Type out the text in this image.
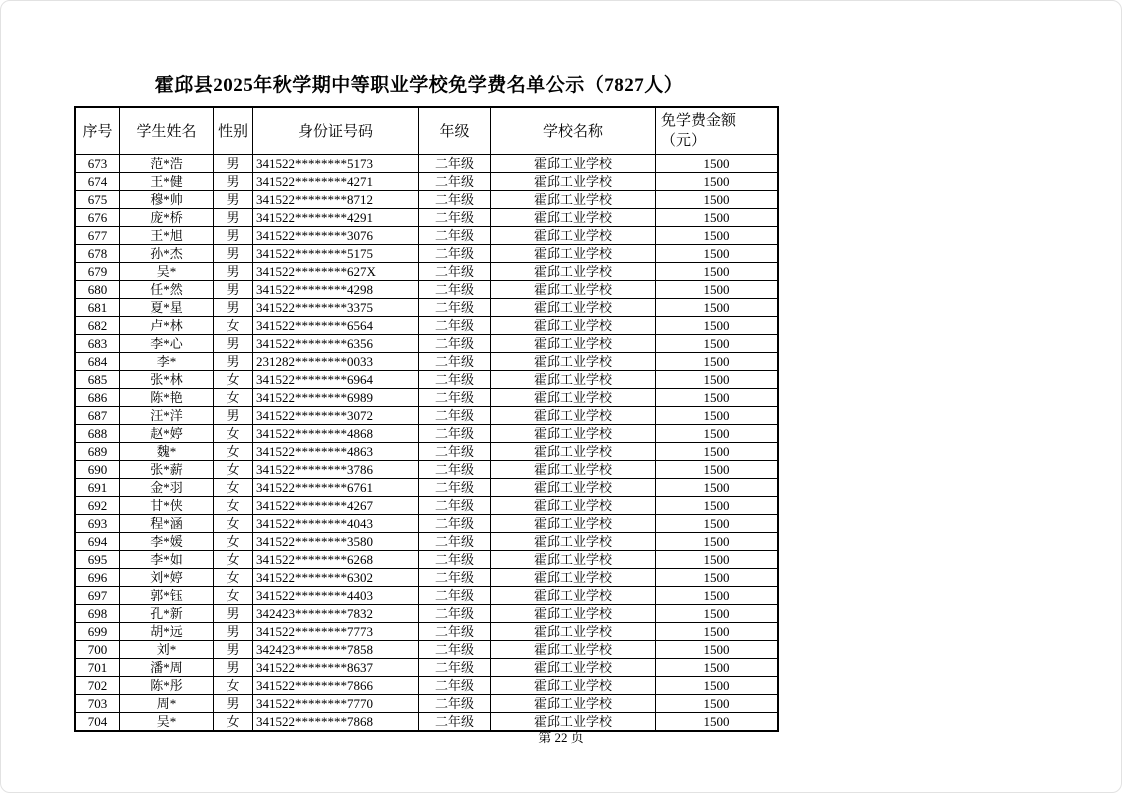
霍邱县2025年秋学期中等职业学校免学费名单公示（7827人）
序号	学生姓名	性别	身份证号码	年级	学校名称	免学费金额
（元）
673	范*浩	男	341522********5173	二年级	霍邱工业学校	1500
674	王*健	男	341522********4271	二年级	霍邱工业学校	1500
675	穆*帅	男	341522********8712	二年级	霍邱工业学校	1500
676	庞*桥	男	341522********4291	二年级	霍邱工业学校	1500
677	王*旭	男	341522********3076	二年级	霍邱工业学校	1500
678	孙*杰	男	341522********5175	二年级	霍邱工业学校	1500
679	吴*	男	341522********627X	二年级	霍邱工业学校	1500
680	任*然	男	341522********4298	二年级	霍邱工业学校	1500
681	夏*星	男	341522********3375	二年级	霍邱工业学校	1500
682	卢*林	女	341522********6564	二年级	霍邱工业学校	1500
683	李*心	男	341522********6356	二年级	霍邱工业学校	1500
684	李*	男	231282********0033	二年级	霍邱工业学校	1500
685	张*林	女	341522********6964	二年级	霍邱工业学校	1500
686	陈*艳	女	341522********6989	二年级	霍邱工业学校	1500
687	汪*洋	男	341522********3072	二年级	霍邱工业学校	1500
688	赵*婷	女	341522********4868	二年级	霍邱工业学校	1500
689	魏*	女	341522********4863	二年级	霍邱工业学校	1500
690	张*薪	女	341522********3786	二年级	霍邱工业学校	1500
691	金*羽	女	341522********6761	二年级	霍邱工业学校	1500
692	甘*侠	女	341522********4267	二年级	霍邱工业学校	1500
693	程*涵	女	341522********4043	二年级	霍邱工业学校	1500
694	李*媛	女	341522********3580	二年级	霍邱工业学校	1500
695	李*如	女	341522********6268	二年级	霍邱工业学校	1500
696	刘*婷	女	341522********6302	二年级	霍邱工业学校	1500
697	郭*钰	女	341522********4403	二年级	霍邱工业学校	1500
698	孔*新	男	342423********7832	二年级	霍邱工业学校	1500
699	胡*远	男	341522********7773	二年级	霍邱工业学校	1500
700	刘*	男	342423********7858	二年级	霍邱工业学校	1500
701	潘*周	男	341522********8637	二年级	霍邱工业学校	1500
702	陈*彤	女	341522********7866	二年级	霍邱工业学校	1500
703	周*	男	341522********7770	二年级	霍邱工业学校	1500
704	吴*	女	341522********7868	二年级	霍邱工业学校	1500
第 22 页
